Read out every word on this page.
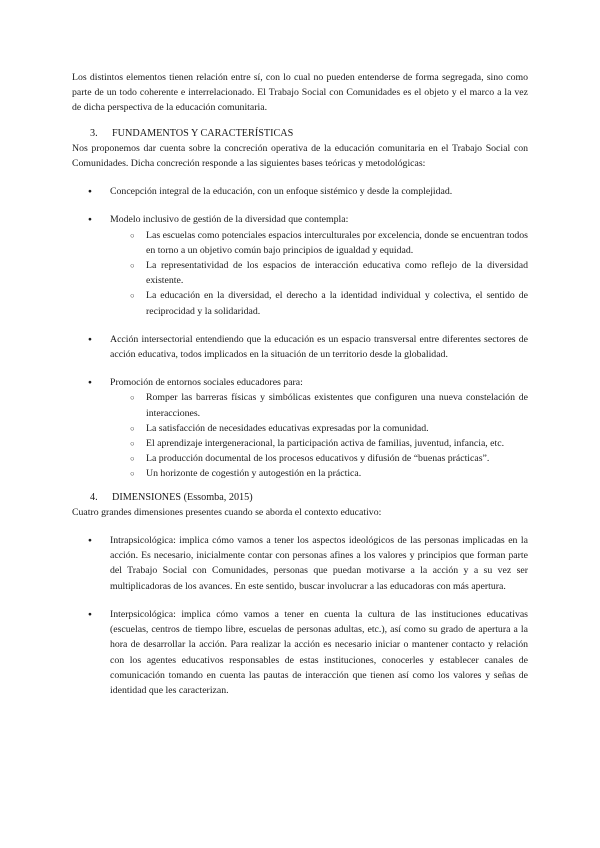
Los distintos elementos tienen relación entre sí, con lo cual no pueden entenderse de forma segregada, sino como parte de un todo coherente e interrelacionado. El Trabajo Social con Comunidades es el objeto y el marco a la vez de dicha perspectiva de la educación comunitaria.

3. FUNDAMENTOS Y CARACTERÍSTICAS

Nos proponemos dar cuenta sobre la concreción operativa de la educación comunitaria en el Trabajo Social con Comunidades. Dicha concreción responde a las siguientes bases teóricas y metodológicas:

● Concepción integral de la educación, con un enfoque sistémico y desde la complejidad.
● Modelo inclusivo de gestión de la diversidad que contempla:
○ Las escuelas como potenciales espacios interculturales por excelencia, donde se encuentran todos en torno a un objetivo común bajo principios de igualdad y equidad.
○ La representatividad de los espacios de interacción educativa como reflejo de la diversidad existente.
○ La educación en la diversidad, el derecho a la identidad individual y colectiva, el sentido de reciprocidad y la solidaridad.
● Acción intersectorial entendiendo que la educación es un espacio transversal entre diferentes sectores de acción educativa, todos implicados en la situación de un territorio desde la globalidad.
● Promoción de entornos sociales educadores para:
○ Romper las barreras físicas y simbólicas existentes que configuren una nueva constelación de interacciones.
○ La satisfacción de necesidades educativas expresadas por la comunidad.
○ El aprendizaje intergeneracional, la participación activa de familias, juventud, infancia, etc.
○ La producción documental de los procesos educativos y difusión de “buenas prácticas”.
○ Un horizonte de cogestión y autogestión en la práctica.
4. DIMENSIONES (Essomba, 2015)

Cuatro grandes dimensiones presentes cuando se aborda el contexto educativo:

● Intrapsicológica: implica cómo vamos a tener los aspectos ideológicos de las personas implicadas en la acción. Es necesario, inicialmente contar con personas afines a los valores y principios que forman parte del Trabajo Social con Comunidades, personas que puedan motivarse a la acción y a su vez ser multiplicadoras de los avances. En este sentido, buscar involucrar a las educadoras con más apertura.
● Interpsicológica: implica cómo vamos a tener en cuenta la cultura de las instituciones educativas (escuelas, centros de tiempo libre, escuelas de personas adultas, etc.), así como su grado de apertura a la hora de desarrollar la acción. Para realizar la acción es necesario iniciar o mantener contacto y relación con los agentes educativos responsables de estas instituciones, conocerles y establecer canales de comunicación tomando en cuenta las pautas de interacción que tienen así como los valores y señas de identidad que les caracterizan.
